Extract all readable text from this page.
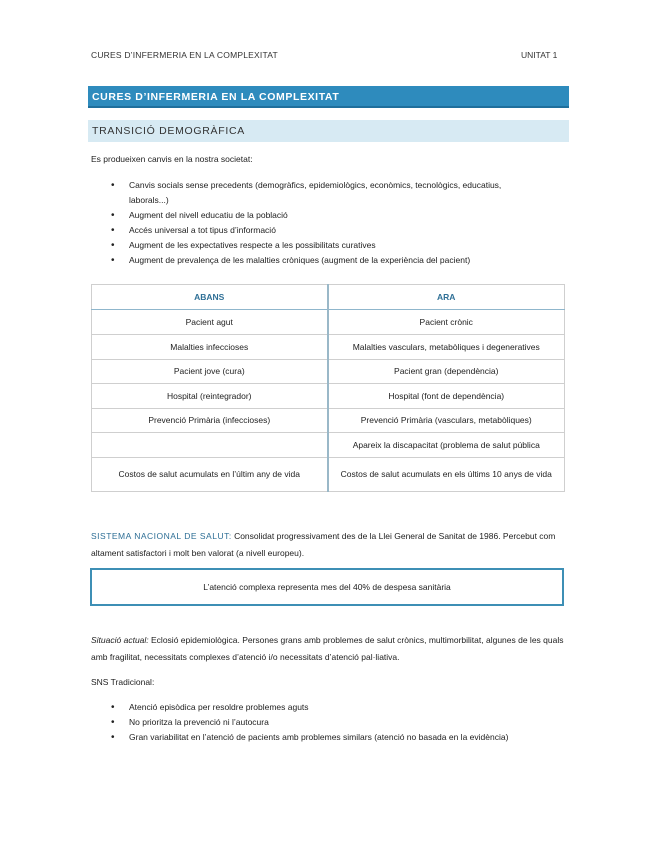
CURES D’INFERMERIA EN LA COMPLEXITAT	UNITAT 1
CURES D’INFERMERIA EN LA COMPLEXITAT
TRANSICIÓ DEMOGRÀFICA
Es produeixen canvis en la nostra societat:
• Canvis socials sense precedents (demogràfics, epidemiològics, econòmics, tecnològics, educatius, laborals...)
• Augment del nivell educatiu de la població
• Accés universal a tot tipus d’informació
• Augment de les expectatives respecte a les possibilitats curatives
• Augment de prevalença de les malalties cròniques (augment de la experiència del pacient)
ABANS	ARA
Pacient agut	Pacient crònic
Malalties infeccioses	Malalties vasculars, metabòliques i degeneratives
Pacient jove (cura)	Pacient gran (dependència)
Hospital (reintegrador)	Hospital (font de dependència)
Prevenció Primària (infeccioses)	Prevenció Primària (vasculars, metabòliques)
	Apareix la discapacitat (problema de salut pública
Costos de salut acumulats en l’últim any de vida	Costos de salut acumulats en els últims 10 anys de vida
SISTEMA NACIONAL DE SALUT: Consolidat progressivament des de la Llei General de Sanitat de 1986. Percebut com altament satisfactori i molt ben valorat (a nivell europeu).
L’atenció complexa representa mes del 40% de despesa sanitària
Situació actual: Eclosió epidemiològica. Persones grans amb problemes de salut crònics, multimorbilitat, algunes de les quals amb fragilitat, necessitats complexes d’atenció i/o necessitats d’atenció pal·liativa.
SNS Tradicional:
• Atenció episòdica per resoldre problemes aguts
• No prioritza la prevenció ni l’autocura
• Gran variabilitat en l’atenció de pacients amb problemes similars (atenció no basada en la evidència)
